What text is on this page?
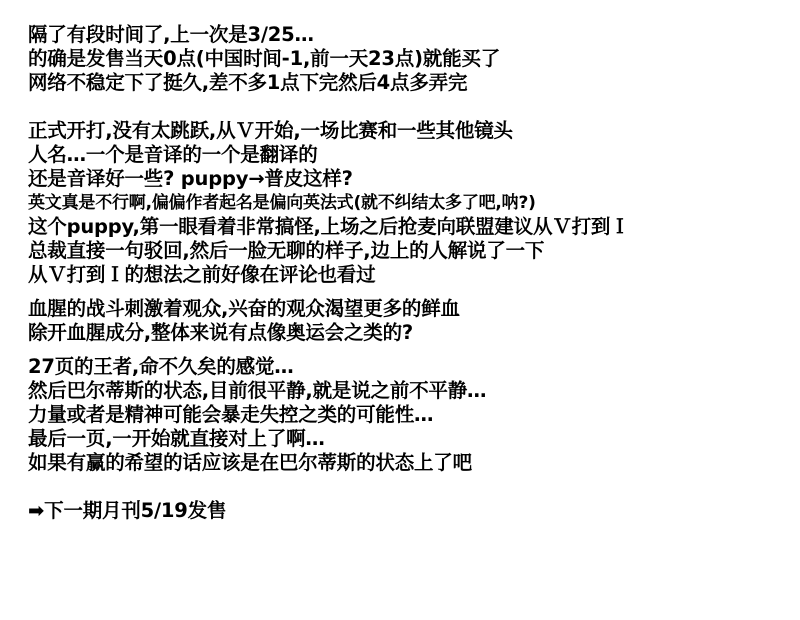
隔了有段时间了,上一次是3/25…
的确是发售当天0点(中国时间-1,前一天23点)就能买了
网络不稳定下了挺久,差不多1点下完然后4点多弄完
正式开打,没有太跳跃,从Ｖ开始,一场比赛和一些其他镜头
人名…一个是音译的一个是翻译的
还是音译好一些? puppy→普皮这样?
英文真是不行啊,偏偏作者起名是偏向英法式(就不纠结太多了吧,呐?)
这个puppy,第一眼看着非常搞怪,上场之后抢麦向联盟建议从Ｖ打到Ｉ
总裁直接一句驳回,然后一脸无聊的样子,边上的人解说了一下
从Ｖ打到Ｉ的想法之前好像在评论也看过
血腥的战斗刺激着观众,兴奋的观众渴望更多的鲜血
除开血腥成分,整体来说有点像奥运会之类的?
27页的王者,命不久矣的感觉…
然后巴尔蒂斯的状态,目前很平静,就是说之前不平静…
力量或者是精神可能会暴走失控之类的可能性…
最后一页,一开始就直接对上了啊…
如果有赢的希望的话应该是在巴尔蒂斯的状态上了吧
➡下一期月刊5/19发售
